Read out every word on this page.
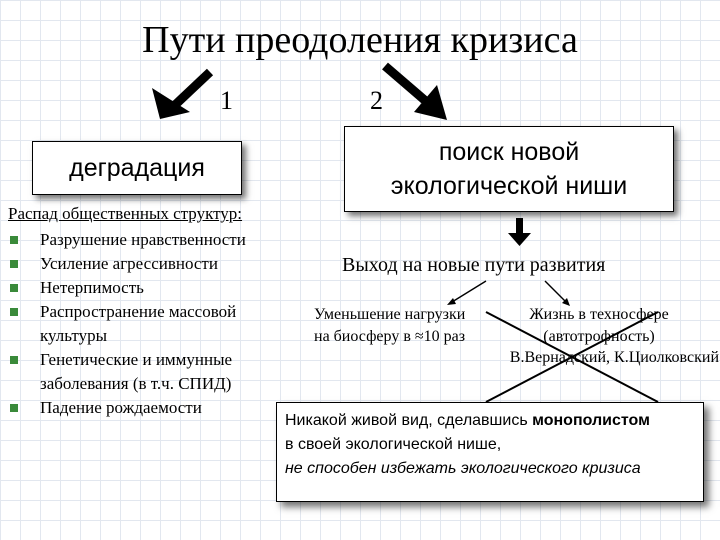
Пути преодоления кризиса
1	2
деградация
поиск новой
экологической ниши
Распад общественных структур:
Разрушение нравственности
Усиление агрессивности
Нетерпимость
Распространение массовой культуры
Генетические и иммунные заболевания (в т.ч. СПИД)
Падение рождаемости
Выход на новые пути развития
Уменьшение нагрузки
на биосферу в ≈10 раз
Жизнь в техносфере
(автотрофность)
В.Вернадский, К.Циолковский
Никакой живой вид, сделавшись монополистом
в своей экологической нише,
не способен избежать экологического кризиса
